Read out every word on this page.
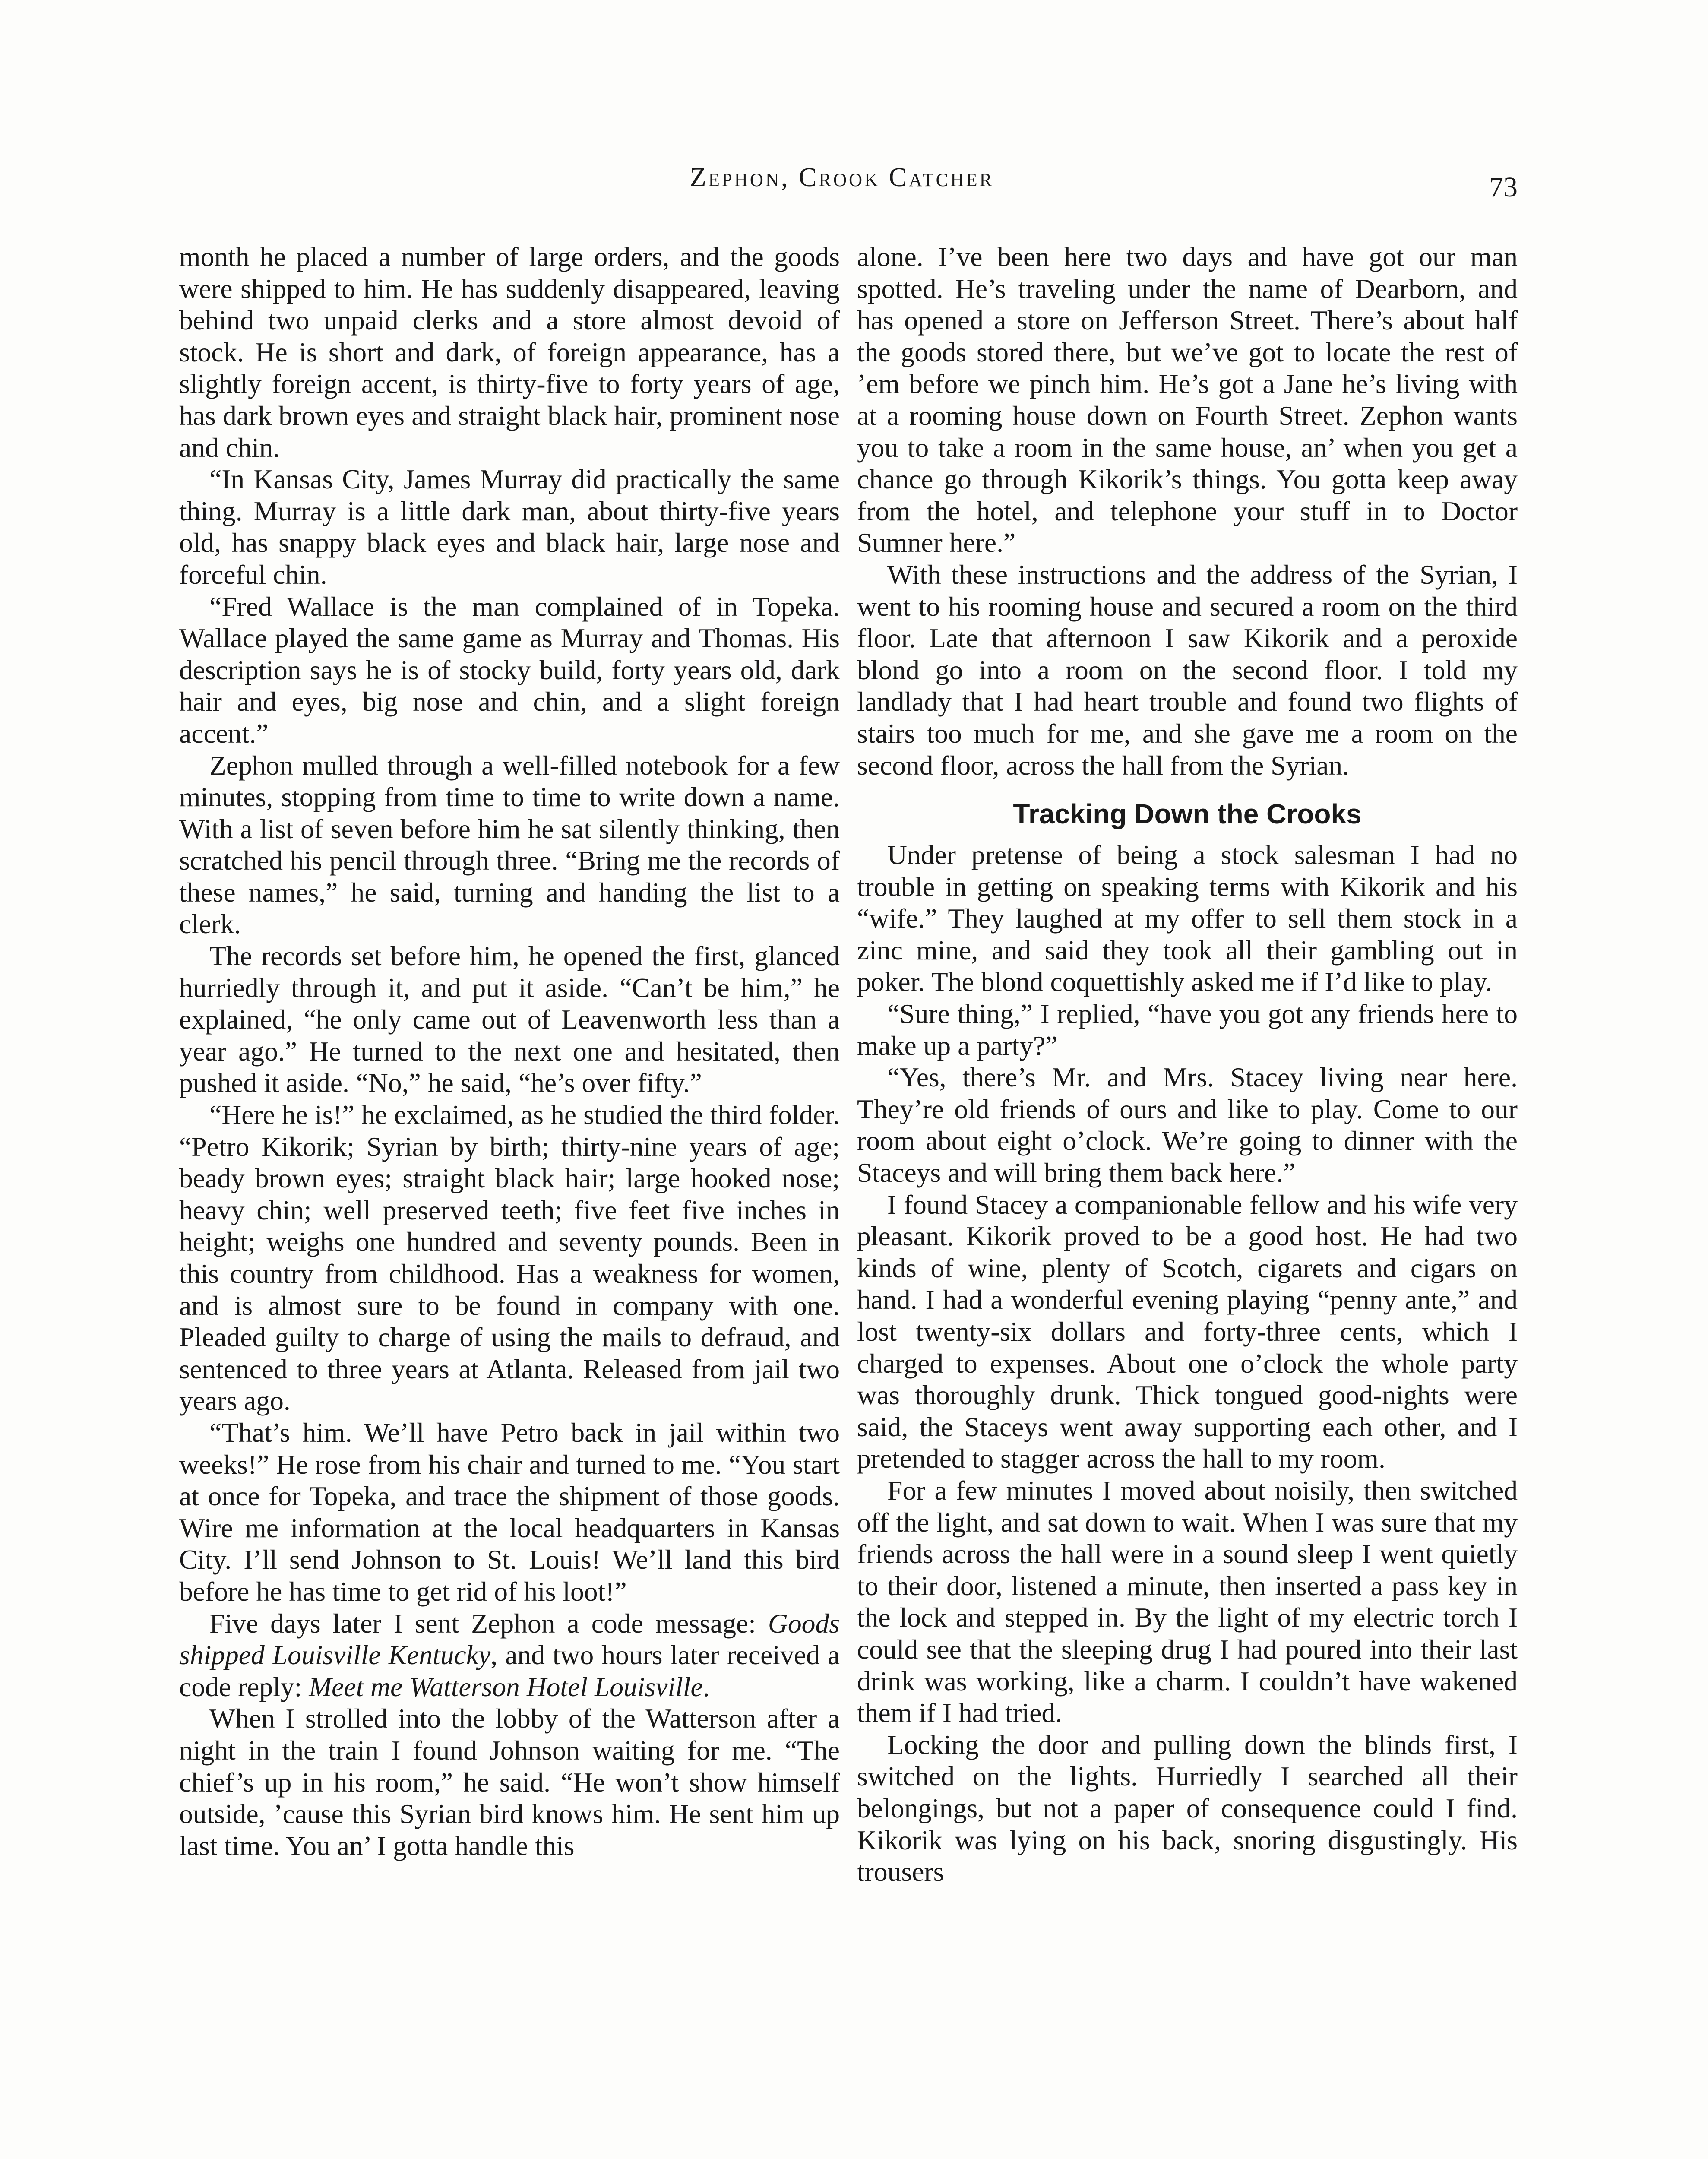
Zephon, Crook Catcher	73

month he placed a number of large orders, and the goods were shipped to him. He has suddenly disappeared, leaving behind two unpaid clerks and a store almost devoid of stock. He is short and dark, of foreign appearance, has a slightly foreign accent, is thirty-five to forty years of age, has dark brown eyes and straight black hair, prominent nose and chin.

“In Kansas City, James Murray did practically the same thing. Murray is a little dark man, about thirty-five years old, has snappy black eyes and black hair, large nose and forceful chin.

“Fred Wallace is the man complained of in Topeka. Wallace played the same game as Murray and Thomas. His description says he is of stocky build, forty years old, dark hair and eyes, big nose and chin, and a slight foreign accent.”

Zephon mulled through a well-filled notebook for a few minutes, stopping from time to time to write down a name. With a list of seven before him he sat silently thinking, then scratched his pencil through three. “Bring me the records of these names,” he said, turning and handing the list to a clerk.

The records set before him, he opened the first, glanced hurriedly through it, and put it aside. “Can’t be him,” he explained, “he only came out of Leavenworth less than a year ago.” He turned to the next one and hesitated, then pushed it aside. “No,” he said, “he’s over fifty.”

“Here he is!” he exclaimed, as he studied the third folder. “Petro Kikorik; Syrian by birth; thirty-nine years of age; beady brown eyes; straight black hair; large hooked nose; heavy chin; well preserved teeth; five feet five inches in height; weighs one hundred and seventy pounds. Been in this country from childhood. Has a weakness for women, and is almost sure to be found in company with one. Pleaded guilty to charge of using the mails to defraud, and sentenced to three years at Atlanta. Released from jail two years ago.

“That’s him. We’ll have Petro back in jail within two weeks!” He rose from his chair and turned to me. “You start at once for Topeka, and trace the shipment of those goods. Wire me information at the local headquarters in Kansas City. I’ll send Johnson to St. Louis! We’ll land this bird before he has time to get rid of his loot!”

Five days later I sent Zephon a code message: Goods shipped Louisville Kentucky, and two hours later received a code reply: Meet me Watterson Hotel Louisville.

When I strolled into the lobby of the Watterson after a night in the train I found Johnson waiting for me. “The chief’s up in his room,” he said. “He won’t show himself outside, ’cause this Syrian bird knows him. He sent him up last time. You an’ I gotta handle this

alone. I’ve been here two days and have got our man spotted. He’s traveling under the name of Dearborn, and has opened a store on Jefferson Street. There’s about half the goods stored there, but we’ve got to locate the rest of ’em before we pinch him. He’s got a Jane he’s living with at a rooming house down on Fourth Street. Zephon wants you to take a room in the same house, an’ when you get a chance go through Kikorik’s things. You gotta keep away from the hotel, and telephone your stuff in to Doctor Sumner here.”

With these instructions and the address of the Syrian, I went to his rooming house and secured a room on the third floor. Late that afternoon I saw Kikorik and a peroxide blond go into a room on the second floor. I told my landlady that I had heart trouble and found two flights of stairs too much for me, and she gave me a room on the second floor, across the hall from the Syrian.

Tracking Down the Crooks

Under pretense of being a stock salesman I had no trouble in getting on speaking terms with Kikorik and his “wife.” They laughed at my offer to sell them stock in a zinc mine, and said they took all their gambling out in poker. The blond coquettishly asked me if I’d like to play.

“Sure thing,” I replied, “have you got any friends here to make up a party?”

“Yes, there’s Mr. and Mrs. Stacey living near here. They’re old friends of ours and like to play. Come to our room about eight o’clock. We’re going to dinner with the Staceys and will bring them back here.”

I found Stacey a companionable fellow and his wife very pleasant. Kikorik proved to be a good host. He had two kinds of wine, plenty of Scotch, cigarets and cigars on hand. I had a wonderful evening playing “penny ante,” and lost twenty-six dollars and forty-three cents, which I charged to expenses. About one o’clock the whole party was thoroughly drunk. Thick tongued good-nights were said, the Staceys went away supporting each other, and I pretended to stagger across the hall to my room.

For a few minutes I moved about noisily, then switched off the light, and sat down to wait. When I was sure that my friends across the hall were in a sound sleep I went quietly to their door, listened a minute, then inserted a pass key in the lock and stepped in. By the light of my electric torch I could see that the sleeping drug I had poured into their last drink was working, like a charm. I couldn’t have wakened them if I had tried.

Locking the door and pulling down the blinds first, I switched on the lights. Hurriedly I searched all their belongings, but not a paper of consequence could I find. Kikorik was lying on his back, snoring disgustingly. His trousers
